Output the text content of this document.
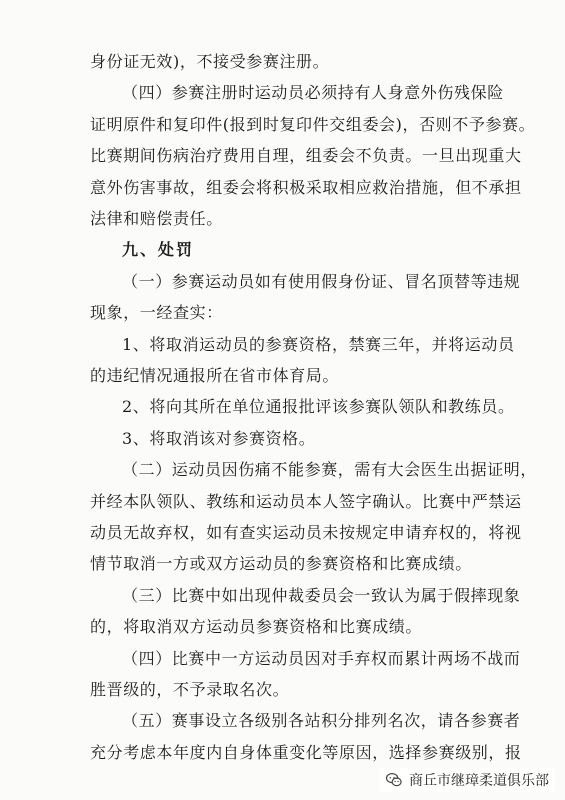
身份证无效)，不接受参赛注册。
（四）参赛注册时运动员必须持有人身意外伤残保险
证明原件和复印件(报到时复印件交组委会)，否则不予参赛。
比赛期间伤病治疗费用自理，组委会不负责。一旦出现重大
意外伤害事故，组委会将积极采取相应救治措施，但不承担
法律和赔偿责任。
九、处罚
（一）参赛运动员如有使用假身份证、冒名顶替等违规
现象，一经查实：
1、将取消运动员的参赛资格，禁赛三年，并将运动员
的违纪情况通报所在省市体育局。
2、将向其所在单位通报批评该参赛队领队和教练员。
3、将取消该对参赛资格。
（二）运动员因伤痛不能参赛，需有大会医生出据证明，
并经本队领队、教练和运动员本人签字确认。比赛中严禁运
动员无故弃权，如有查实运动员未按规定申请弃权的，将视
情节取消一方或双方运动员的参赛资格和比赛成绩。
（三）比赛中如出现仲裁委员会一致认为属于假摔现象
的，将取消双方运动员参赛资格和比赛成绩。
（四）比赛中一方运动员因对手弃权而累计两场不战而
胜晋级的，不予录取名次。
（五）赛事设立各级别各站积分排列名次，请各参赛者
充分考虑本年度内自身体重变化等原因，选择参赛级别，报
商丘市继璋柔道俱乐部
